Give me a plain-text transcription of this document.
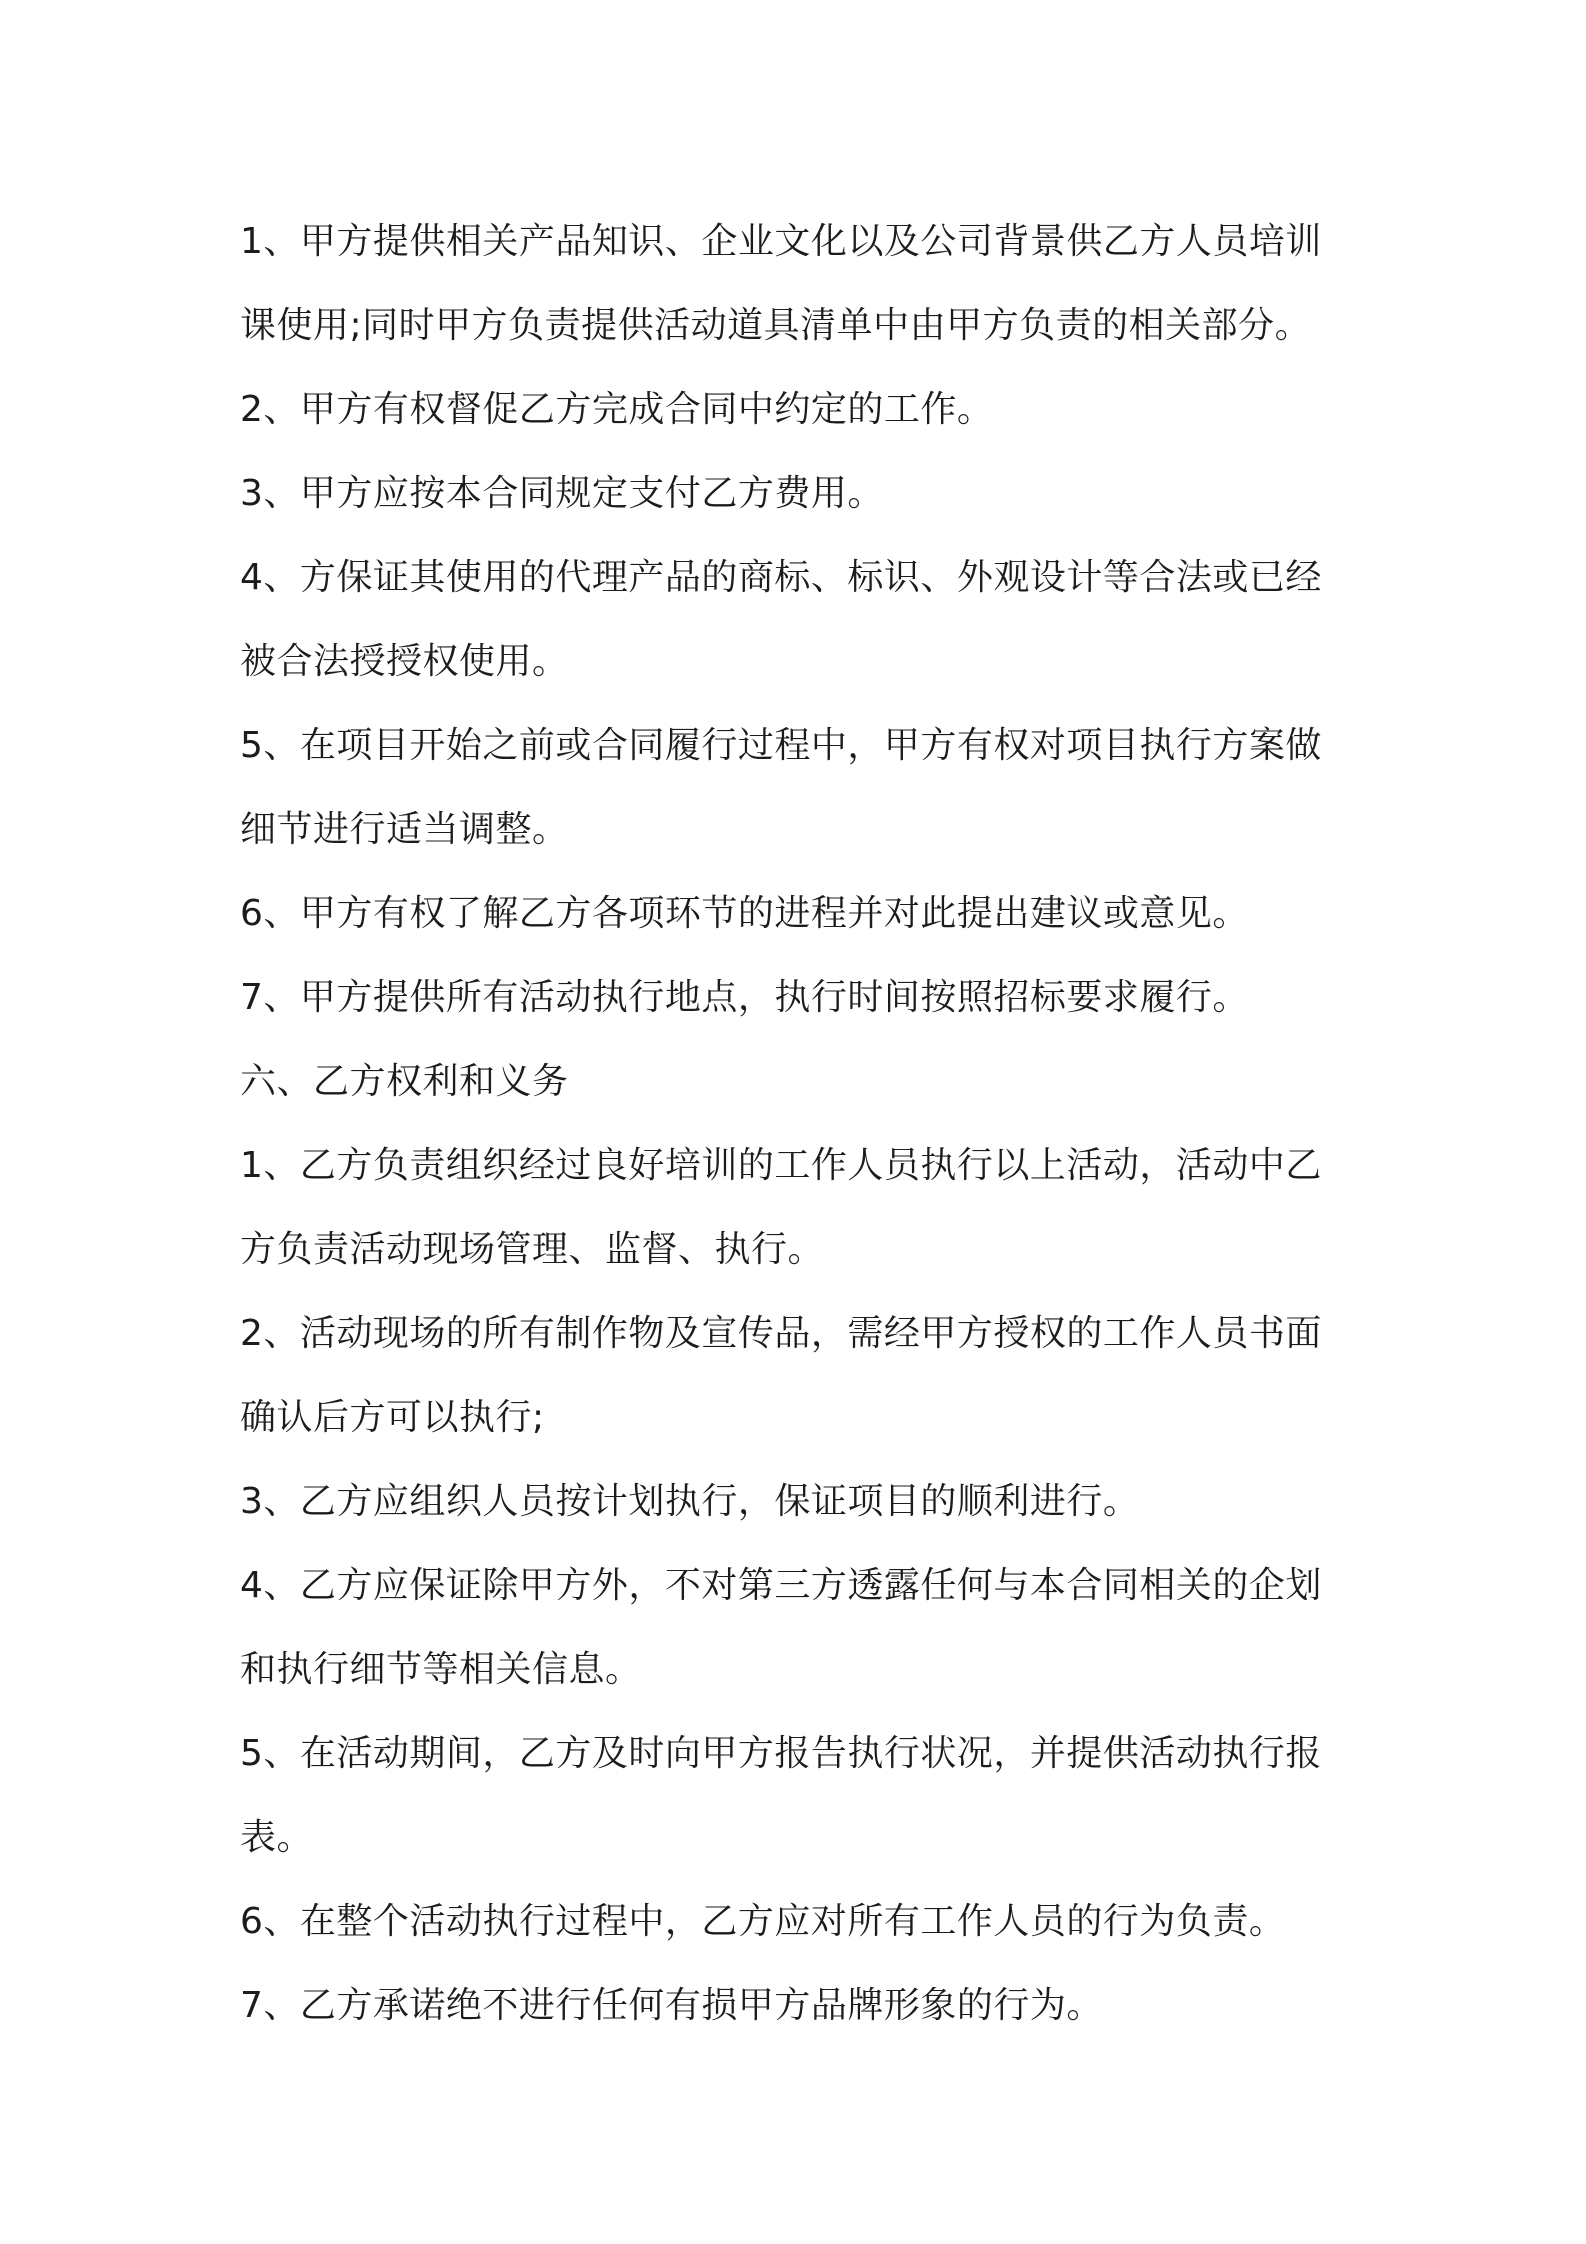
1、甲方提供相关产品知识、企业文化以及公司背景供乙方人员培训
课使用;同时甲方负责提供活动道具清单中由甲方负责的相关部分。
2、甲方有权督促乙方完成合同中约定的工作。
3、甲方应按本合同规定支付乙方费用。
4、方保证其使用的代理产品的商标、标识、外观设计等合法或已经
被合法授授权使用。
5、在项目开始之前或合同履行过程中，甲方有权对项目执行方案做
细节进行适当调整。
6、甲方有权了解乙方各项环节的进程并对此提出建议或意见。
7、甲方提供所有活动执行地点，执行时间按照招标要求履行。
六、乙方权利和义务
1、乙方负责组织经过良好培训的工作人员执行以上活动，活动中乙
方负责活动现场管理、监督、执行。
2、活动现场的所有制作物及宣传品，需经甲方授权的工作人员书面
确认后方可以执行;
3、乙方应组织人员按计划执行，保证项目的顺利进行。
4、乙方应保证除甲方外，不对第三方透露任何与本合同相关的企划
和执行细节等相关信息。
5、在活动期间，乙方及时向甲方报告执行状况，并提供活动执行报
表。
6、在整个活动执行过程中，乙方应对所有工作人员的行为负责。
7、乙方承诺绝不进行任何有损甲方品牌形象的行为。
